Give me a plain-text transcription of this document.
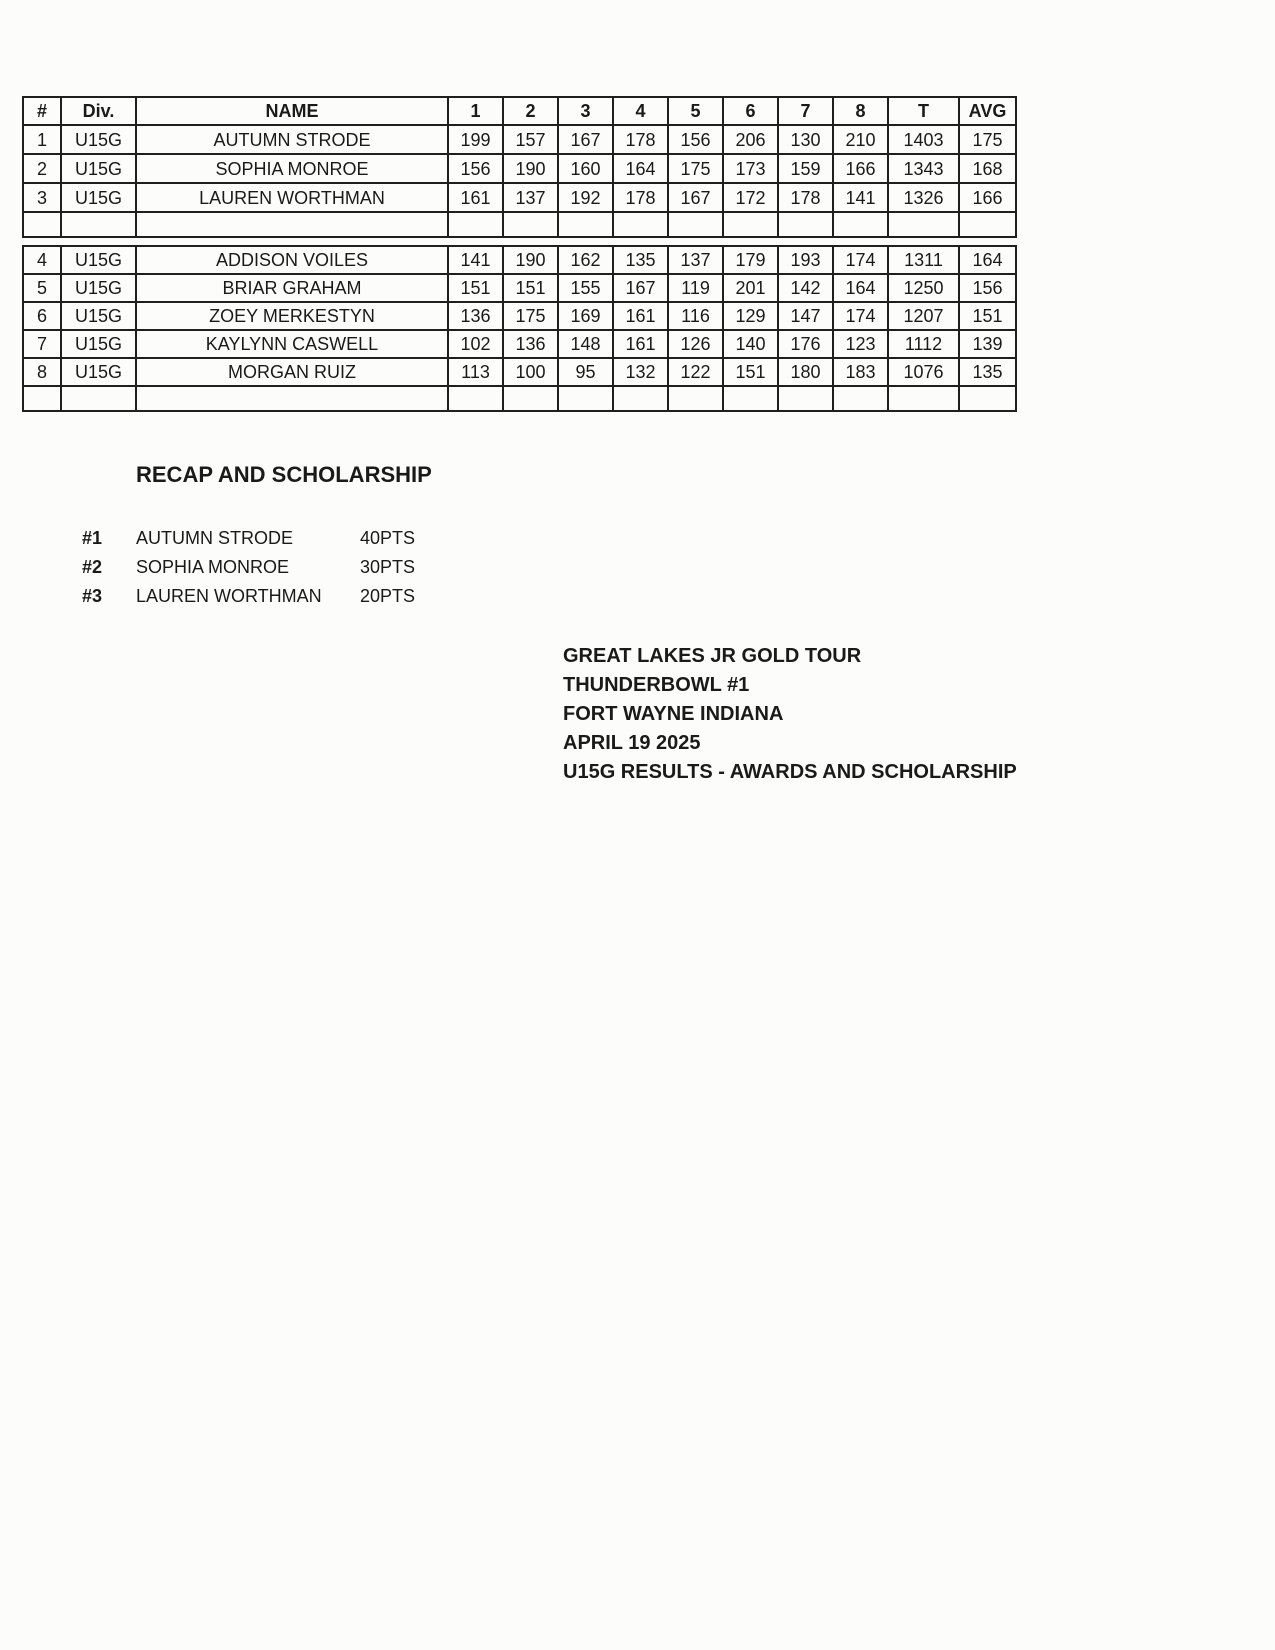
#	Div.	NAME	1	2	3	4	5	6	7	8	T	AVG
1	U15G	AUTUMN STRODE	199	157	167	178	156	206	130	210	1403	175
2	U15G	SOPHIA MONROE	156	190	160	164	175	173	159	166	1343	168
3	U15G	LAUREN WORTHMAN	161	137	192	178	167	172	178	141	1326	166

4	U15G	ADDISON VOILES	141	190	162	135	137	179	193	174	1311	164
5	U15G	BRIAR GRAHAM	151	151	155	167	119	201	142	164	1250	156
6	U15G	ZOEY MERKESTYN	136	175	169	161	116	129	147	174	1207	151
7	U15G	KAYLYNN CASWELL	102	136	148	161	126	140	176	123	1112	139
8	U15G	MORGAN RUIZ	113	100	95	132	122	151	180	183	1076	135

RECAP AND SCHOLARSHIP
#1	AUTUMN STRODE	40PTS
#2	SOPHIA MONROE	30PTS
#3	LAUREN WORTHMAN	20PTS
GREAT LAKES JR GOLD TOUR
THUNDERBOWL #1
FORT WAYNE INDIANA
APRIL 19 2025
U15G RESULTS - AWARDS AND SCHOLARSHIP
